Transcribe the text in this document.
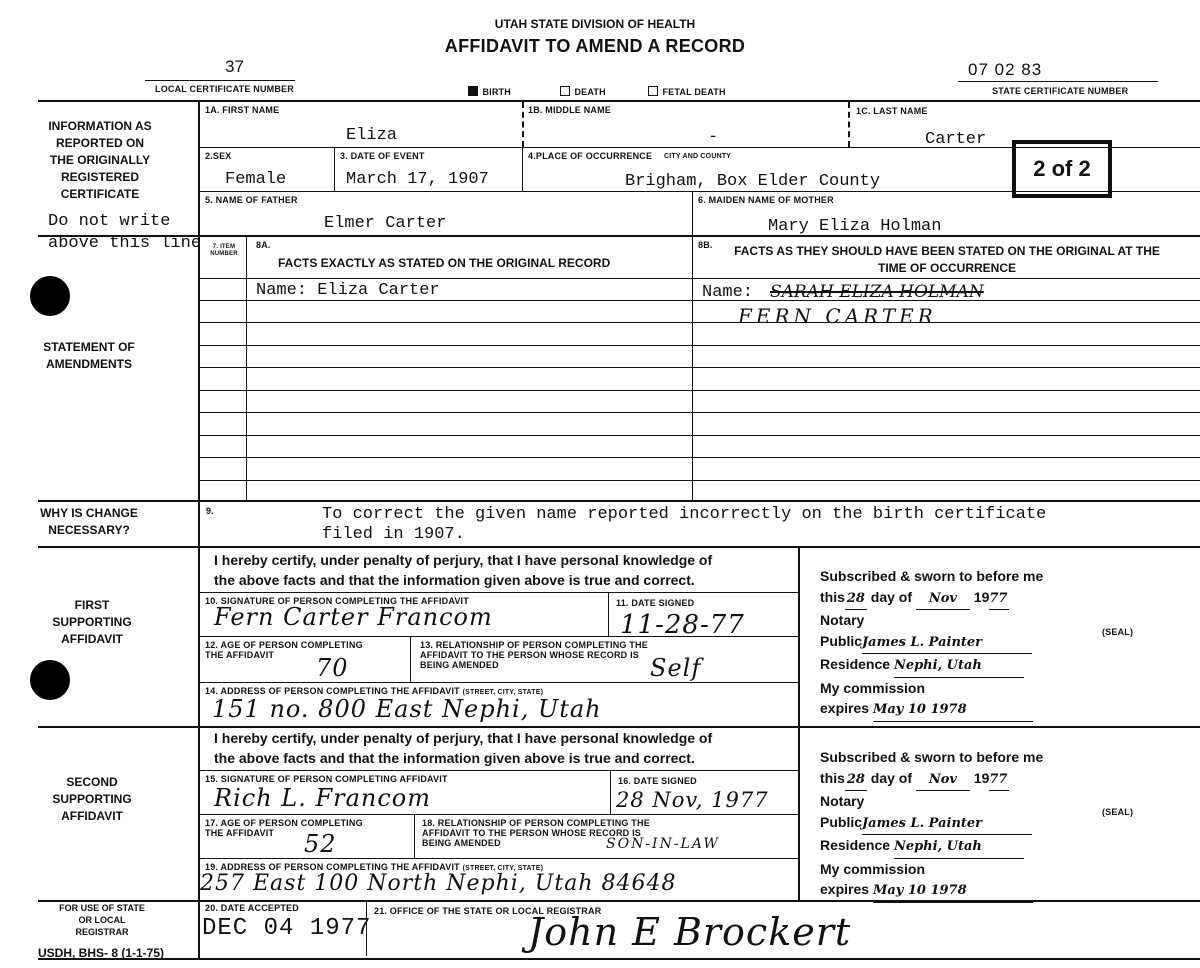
UTAH STATE DIVISION OF HEALTH
AFFIDAVIT TO AMEND A RECORD
37
LOCAL CERTIFICATE NUMBER	BIRTH	DEATH	FETAL DEATH
07 02 83
STATE CERTIFICATE NUMBER
INFORMATION AS REPORTED ON THE ORIGINALLY REGISTERED CERTIFICATE
Do not write
above this line
STATEMENT OF AMENDMENTS
WHY IS CHANGE NECESSARY?
FIRST SUPPORTING AFFIDAVIT
SECOND SUPPORTING AFFIDAVIT
FOR USE OF STATE OR LOCAL REGISTRAR
USDH, BHS- 8 (1-1-75)
1A. FIRST NAME
Eliza
1B. MIDDLE NAME
-
1C. LAST NAME
Carter
2.SEX
Female
3. DATE OF EVENT
March 17, 1907
4.PLACE OF OCCURRENCE CITY AND COUNTY
Brigham, Box Elder County
2 of 2
5. NAME OF FATHER
Elmer Carter
6. MAIDEN NAME OF MOTHER
Mary Eliza Holman
7. ITEM NUMBER
8A.
FACTS EXACTLY AS STATED ON THE ORIGINAL RECORD
8B. FACTS AS THEY SHOULD HAVE BEEN STATED ON THE ORIGINAL AT THE TIME OF OCCURRENCE
Name: Eliza Carter	Name: SARAH ELIZA HOLMAN
FERN CARTER
9.	To correct the given name reported incorrectly on the birth certificate
filed in 1907.
I hereby certify, under penalty of perjury, that I have personal knowledge of
the above facts and that the information given above is true and correct.
10. SIGNATURE OF PERSON COMPLETING THE AFFIDAVIT
Fern Carter Francom	11. DATE SIGNED
11-28-77
12. AGE OF PERSON COMPLETING THE AFFIDAVIT	70
13. RELATIONSHIP OF PERSON COMPLETING THE AFFIDAVIT TO THE PERSON WHOSE RECORD IS BEING AMENDED	Self
14. ADDRESS OF PERSON COMPLETING THE AFFIDAVIT (STREET, CITY, STATE)
151 no. 800 East Nephi, Utah
Subscribed & sworn to before me
this 28 day of Nov 1977
Notary
PublicJames L. Painter
Residence Nephi, Utah
My commission
expires May 10 1978
(SEAL)
I hereby certify, under penalty of perjury, that I have personal knowledge of
the above facts and that the information given above is true and correct.
15. SIGNATURE OF PERSON COMPLETING AFFIDAVIT
Rich L. Francom
16. DATE SIGNED
28 Nov, 1977
17. AGE OF PERSON COMPLETING THE AFFIDAVIT	52
18. RELATIONSHIP OF PERSON COMPLETING THE AFFIDAVIT TO THE PERSON WHOSE RECORD IS BEING AMENDED	SON-IN-LAW
19. ADDRESS OF PERSON COMPLETING THE AFFIDAVIT (STREET, CITY, STATE)
257 East 100 North Nephi, Utah 84648
Subscribed & sworn to before me
this 28 day of Nov 1977
Notary
PublicJames L. Painter
Residence Nephi, Utah
My commission
expires May 10 1978
(SEAL)
20. DATE ACCEPTED
DEC 04 1977
21. OFFICE OF THE STATE OR LOCAL REGISTRAR
John E Brockert
